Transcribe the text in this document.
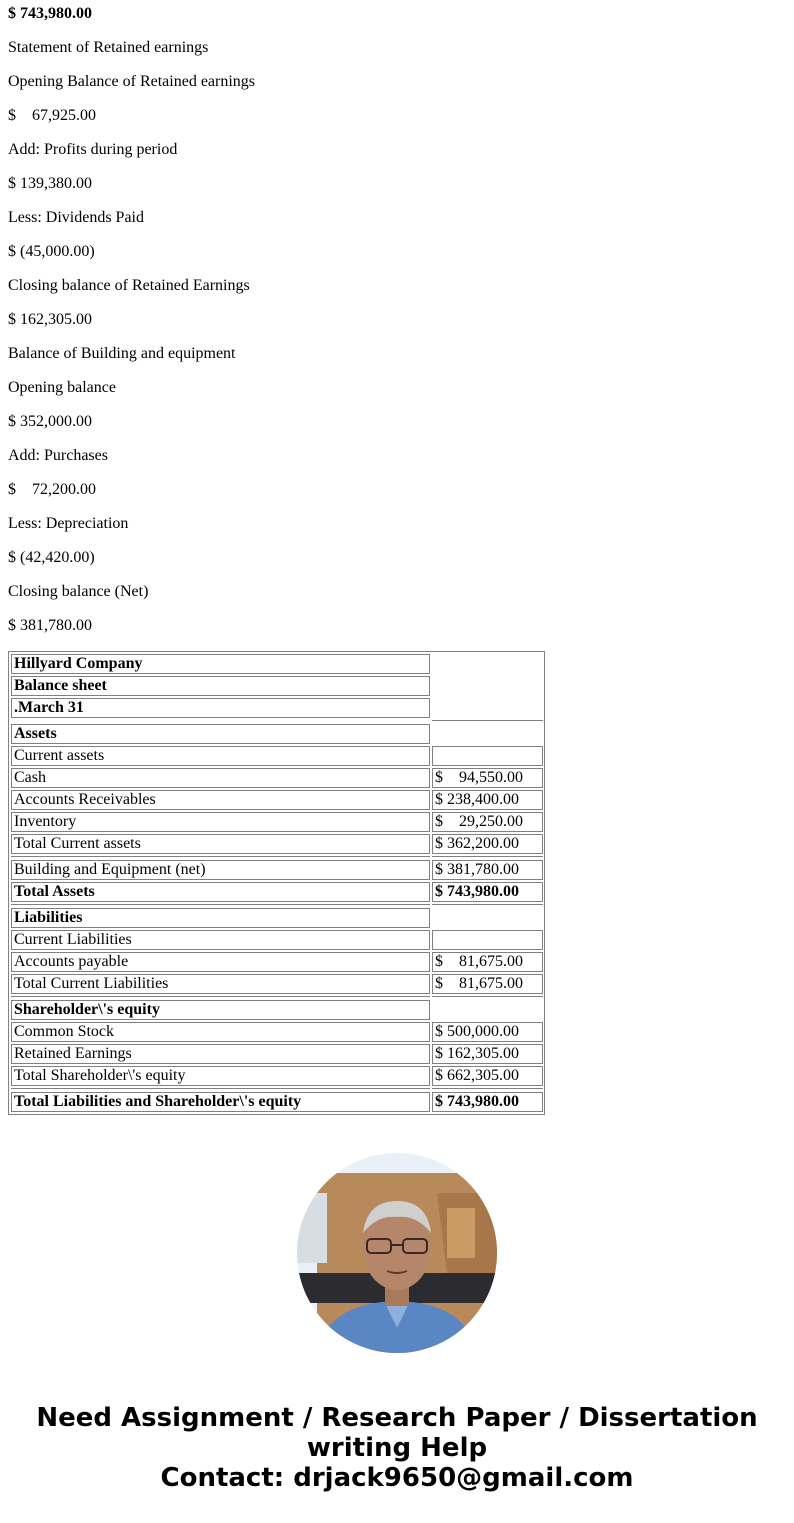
$ 743,980.00
Statement of Retained earnings
Opening Balance of Retained earnings
$    67,925.00
Add: Profits during period
$ 139,380.00
Less: Dividends Paid
$ (45,000.00)
Closing balance of Retained Earnings
$ 162,305.00
Balance of Building and equipment
Opening balance
$ 352,000.00
Add: Purchases
$    72,200.00
Less: Depreciation
$ (42,420.00)
Closing balance (Net)
$ 381,780.00
Hillyard Company
Balance sheet
.March 31
Assets
Current assets
Cash	$    94,550.00
Accounts Receivables	$ 238,400.00
Inventory	$    29,250.00
Total Current assets	$ 362,200.00
Building and Equipment (net)	$ 381,780.00
Total Assets	$ 743,980.00
Liabilities
Current Liabilities
Accounts payable	$    81,675.00
Total Current Liabilities	$    81,675.00
Shareholder\'s equity
Common Stock	$ 500,000.00
Retained Earnings	$ 162,305.00
Total Shareholder\'s equity	$ 662,305.00
Total Liabilities and Shareholder\'s equity	$ 743,980.00
Need Assignment / Research Paper / Dissertation
writing Help
Contact: drjack9650@gmail.com
